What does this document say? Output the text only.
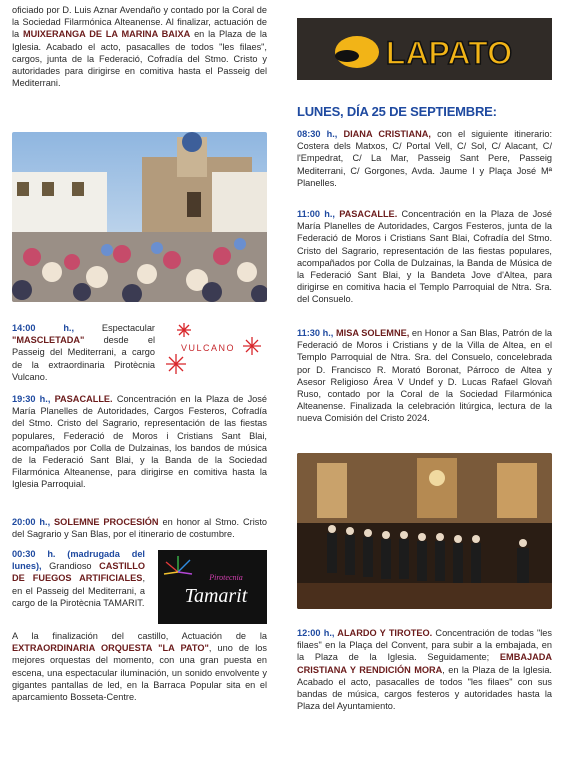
oficiado por D. Luis Aznar Avendaño y contado por la Coral de la Sociedad Filarmónica Alteanense. Al finalizar, actuación de la MUIXERANGA DE LA MARINA BAIXA en la Plaza de la Iglesia. Acabado el acto, pasacalles de todos "les filaes", cargos, junta de la Federació, Cofradía del Stmo. Cristo y autoridades para dirigirse en comitiva hasta el Passeig del Mediterrani.

14:00 h., Espectacular "MASCLETADA" desde el Passeig del Mediterrani, a cargo de la extraordinaria Pirotècnia Vulcano.

VULCANO

19:30 h., PASACALLE. Concentración en la Plaza de José María Planelles de Autoridades, Cargos Festeros, Cofradía del Stmo. Cristo del Sagrario, representación de las fiestas populares, Federació de Moros i Cristians Sant Blai, acompañados por Colla de Dulzainas, los bandos de música de la Federació Sant Blai, y la Banda de la Sociedad Filarmónica Alteanense, para dirigirse en comitiva hasta la Iglesia Parroquial.

20:00 h., SOLEMNE PROCESIÓN en honor al Stmo. Cristo del Sagrario y San Blas, por el itinerario de costumbre.

00:30 h. (madrugada del lunes), Grandioso CASTILLO DE FUEGOS ARTIFICIALES, en el Passeig del Mediterrani, a cargo de la Pirotècnia TAMARIT.

Pirotecnia
Tamarit

A la finalización del castillo, Actuación de la EXTRAORDINARIA ORQUESTA "LA PATO", uno de los mejores orquestas del momento, con una gran puesta en escena, una espectacular iluminación, un sonido envolvente y gigantes pantallas de led, en la Barraca Popular sita en el aparcamiento Bosseta-Centre.

LAPATO
LUNES, DÍA 25 DE SEPTIEMBRE:

08:30 h., DIANA CRISTIANA, con el siguiente itinerario: Costera dels Matxos, C/ Portal Vell, C/ Sol, C/ Alacant, C/ l'Empedrat, C/ La Mar, Passeig Sant Pere, Passeig Mediterrani, C/ Gorgones, Avda. Jaume I y Plaça José Mª Planelles.

11:00 h., PASACALLE. Concentración en la Plaza de José María Planelles de Autoridades, Cargos Festeros, junta de la Federació de Moros i Cristians Sant Blai, Cofradía del Stmo. Cristo del Sagrario, representación de las fiestas populares, acompañados por Colla de Dulzainas, la Banda de Música de la Federació Sant Blai, y la Bandeta Jove d'Altea, para dirigirse en comitiva hacia el Templo Parroquial de Ntra. Sra. del Consuelo.

11:30 h., MISA SOLEMNE, en Honor a San Blas, Patrón de la Federació de Moros i Cristians y de la Villa de Altea, en el Templo Parroquial de Ntra. Sra. del Consuelo, concelebrada por D. Francisco R. Morató Boronat, Párroco de Altea y Asesor Religioso Área V Undef y D. Lucas Rafael Glovaň Ruso, contado por la Coral de la Sociedad Filarmónica Alteanense. Finalizada la celebración litúrgica, lectura de la nueva Comisión del Cristo 2024.

12:00 h., ALARDO Y TIROTEO. Concentración de todas "les filaes" en la Plaça del Convent, para subir a la embajada, en la Plaza de la Iglesia. Seguidamente; EMBAJADA CRISTIANA Y RENDICIÓN MORA, en la Plaza de la Iglesia. Acabado el acto, pasacalles de todos "les filaes" con sus bandas de música, cargos festeros y autoridades hasta la Plaza del Ayuntamiento.
